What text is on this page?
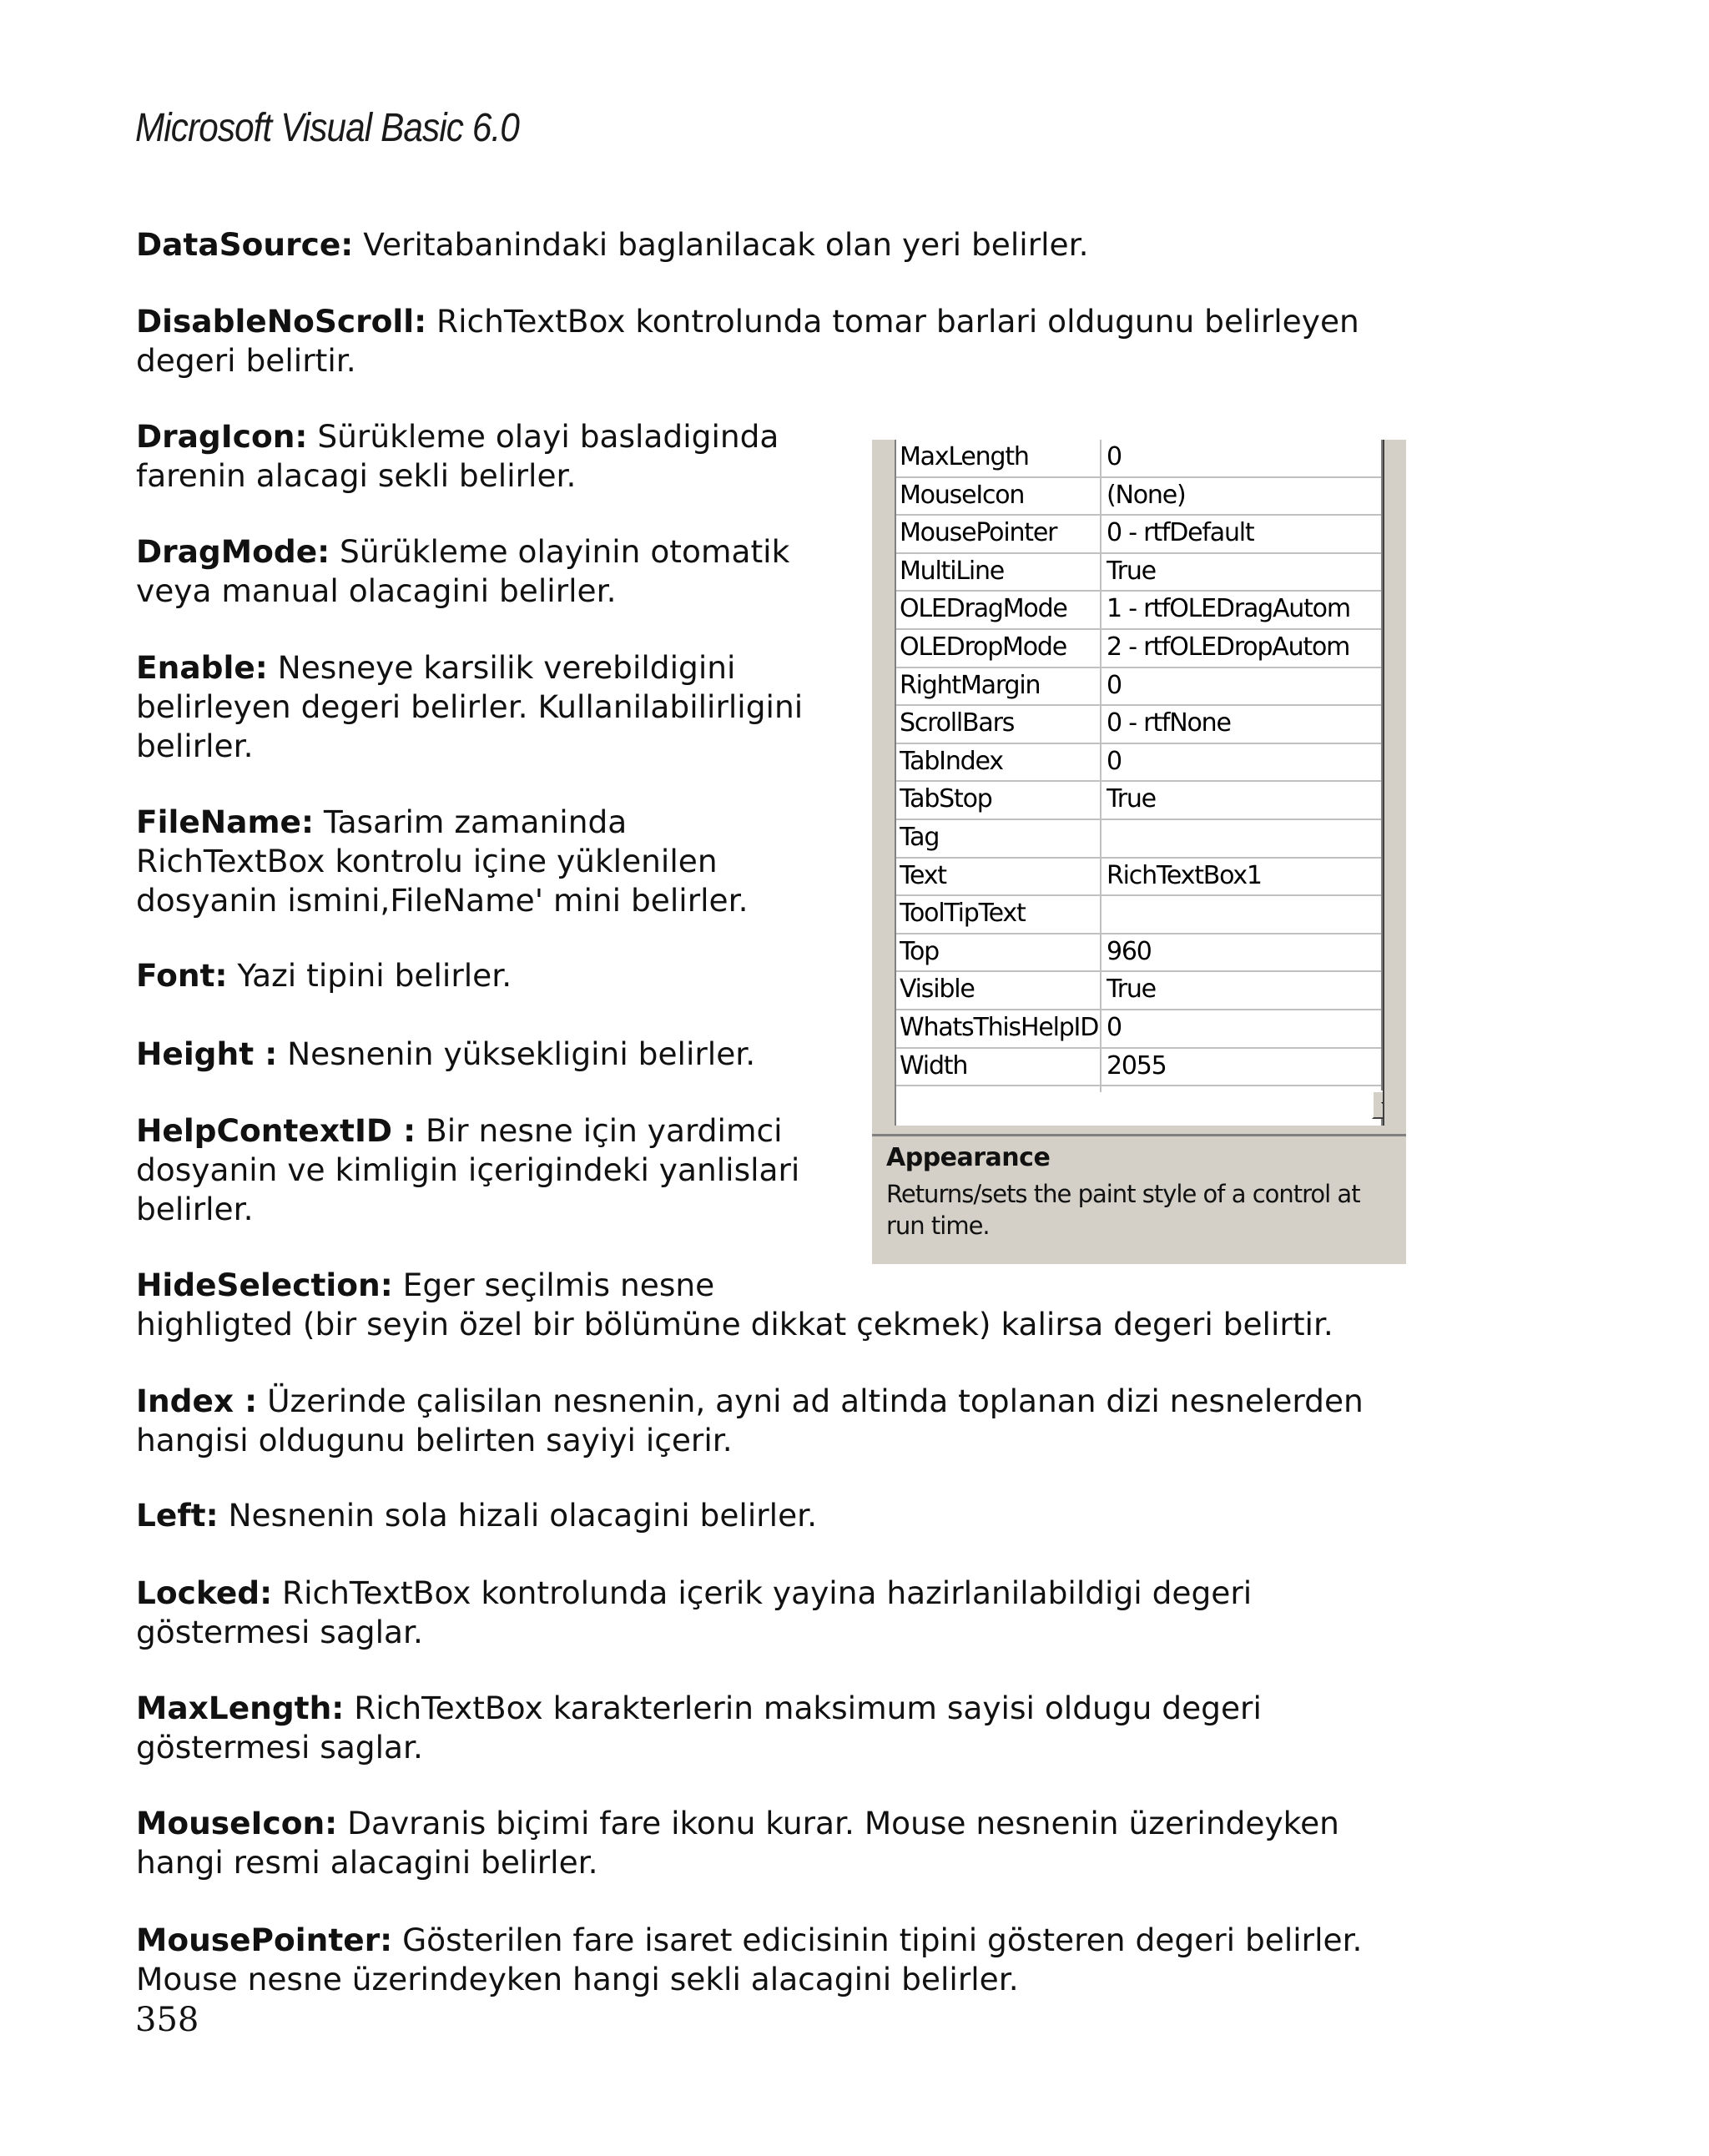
Microsoft Visual Basic 6.0
DataSource: Veritabanindaki baglanilacak olan yeri belirler.
DisableNoScroll: RichTextBox kontrolunda tomar barlari oldugunu belirleyen
degeri belirtir.
DragIcon: Sürükleme olayi basladiginda
farenin alacagi sekli belirler.
DragMode: Sürükleme olayinin otomatik
veya manual olacagini belirler.
Enable: Nesneye karsilik verebildigini
belirleyen degeri belirler. Kullanilabilirligini
belirler.
FileName: Tasarim zamaninda
RichTextBox kontrolu içine yüklenilen
dosyanin ismini,FileName' mini belirler.
Font: Yazi tipini belirler.
Height : Nesnenin yüksekligini belirler.
HelpContextID : Bir nesne için yardimci
dosyanin ve kimligin içerigindeki yanlislari
belirler.
HideSelection: Eger seçilmis nesne
highligted (bir seyin özel bir bölümüne dikkat çekmek) kalirsa degeri belirtir.
Index : Üzerinde çalisilan nesnenin, ayni ad altinda toplanan dizi nesnelerden
hangisi oldugunu belirten sayiyi içerir.
Left: Nesnenin sola hizali olacagini belirler.
Locked: RichTextBox kontrolunda içerik yayina hazirlanilabildigi degeri
göstermesi saglar.
MaxLength: RichTextBox karakterlerin maksimum sayisi oldugu degeri
göstermesi saglar.
MouseIcon: Davranis biçimi fare ikonu kurar. Mouse nesnenin üzerindeyken
hangi resmi alacagini belirler.
MousePointer: Gösterilen fare isaret edicisinin tipini gösteren degeri belirler.
Mouse nesne üzerindeyken hangi sekli alacagini belirler.
MaxLength	0
MouseIcon	(None)
MousePointer	0 - rtfDefault
MultiLine	True
OLEDragMode	1 - rtfOLEDragAutom
OLEDropMode	2 - rtfOLEDropAutom
RightMargin	0
ScrollBars	0 - rtfNone
TabIndex	0
TabStop	True
Tag
Text	RichTextBox1
ToolTipText
Top	960
Visible	True
WhatsThisHelpID 0
Width	2055
Appearance
Returns/sets the paint style of a control at run time.
358
